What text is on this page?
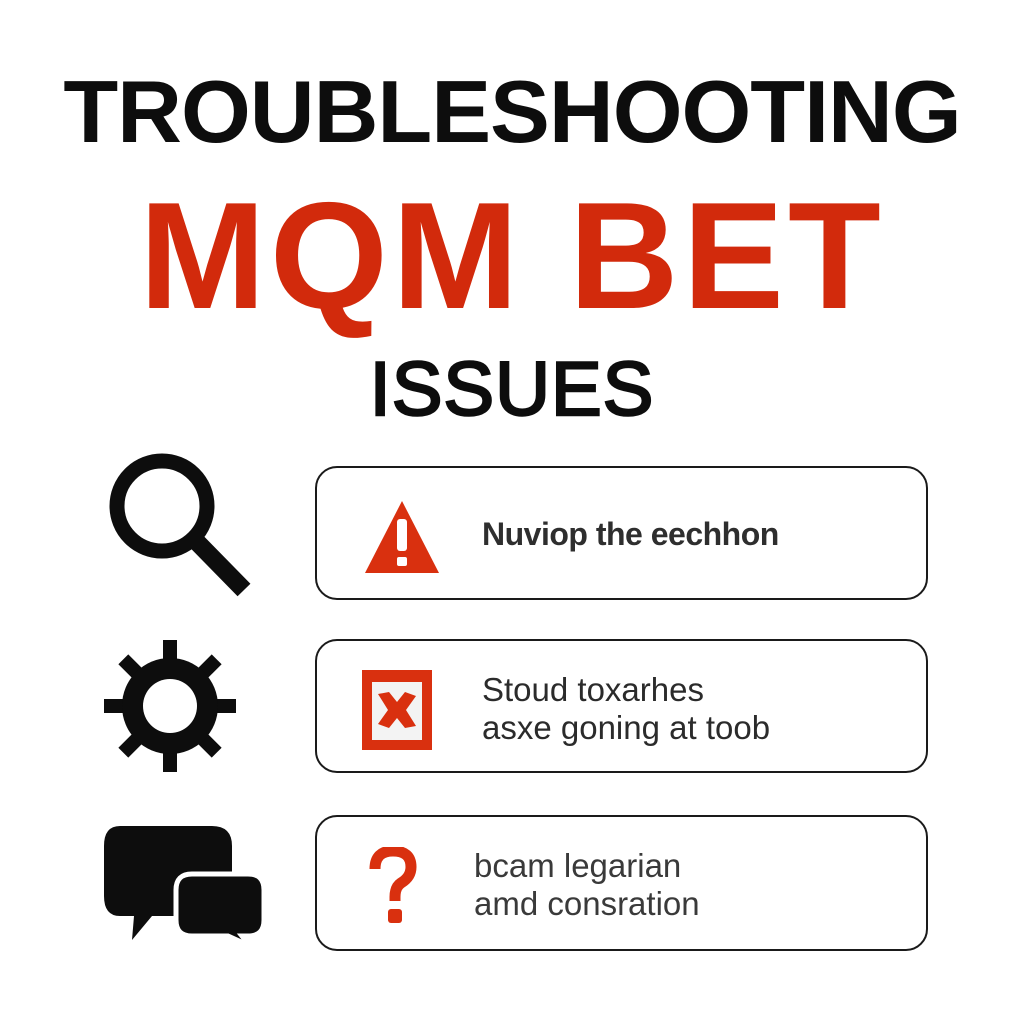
TROUBLESHOOTING
MQM BET
ISSUES
Nuviop the eechhon
Stoud toxarhes
asxe goning at toob
bcam legarian
amd consration
